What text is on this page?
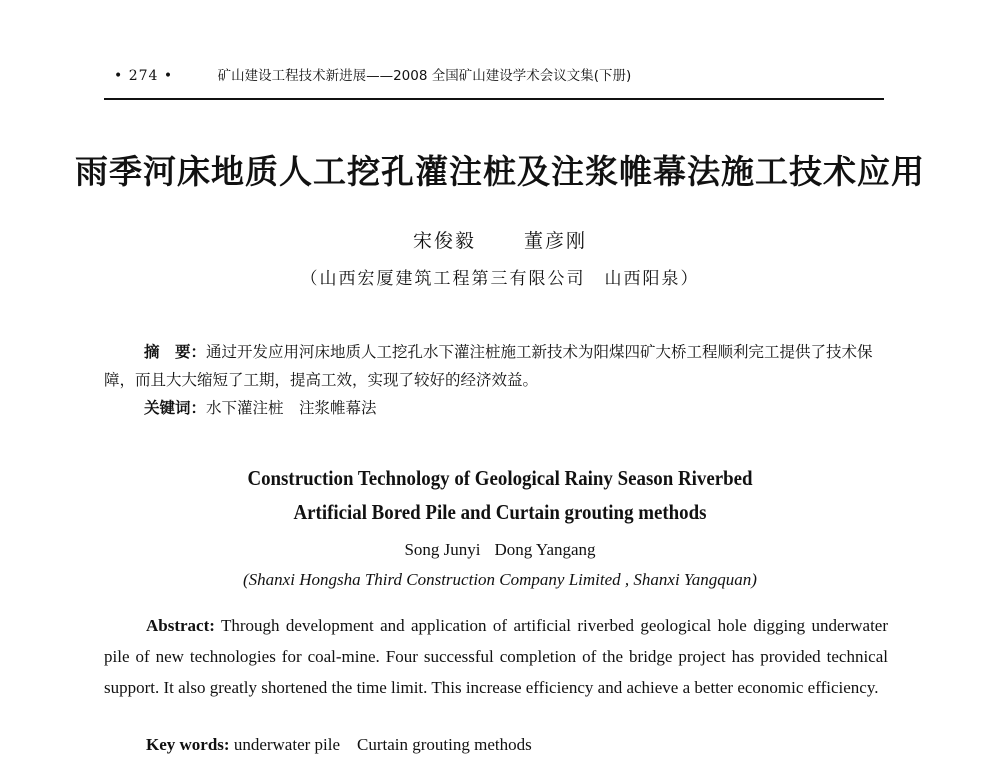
• 274 •	矿山建设工程技术新进展——2008 全国矿山建设学术会议文集(下册)
雨季河床地质人工挖孔灌注桩及注浆帷幕法施工技术应用
宋俊毅	董彦刚
（山西宏厦建筑工程第三有限公司　山西阳泉）
摘　要：通过开发应用河床地质人工挖孔水下灌注桩施工新技术为阳煤四矿大桥工程顺利完工提供了技术保障，而且大大缩短了工期，提高工效，实现了较好的经济效益。
关键词：水下灌注桩　注浆帷幕法
Construction Technology of Geological Rainy Season Riverbed
Artificial Bored Pile and Curtain grouting methods
Song Junyi Dong Yangang
(Shanxi Hongsha Third Construction Company Limited , Shanxi Yangquan)
Abstract: Through development and application of artificial riverbed geological hole digging underwater pile of new technologies for coal-mine. Four successful completion of the bridge project has provided technical support. It also greatly shortened the time limit. This increase efficiency and achieve a better economic efficiency.
Key words: underwater pile　Curtain grouting methods
